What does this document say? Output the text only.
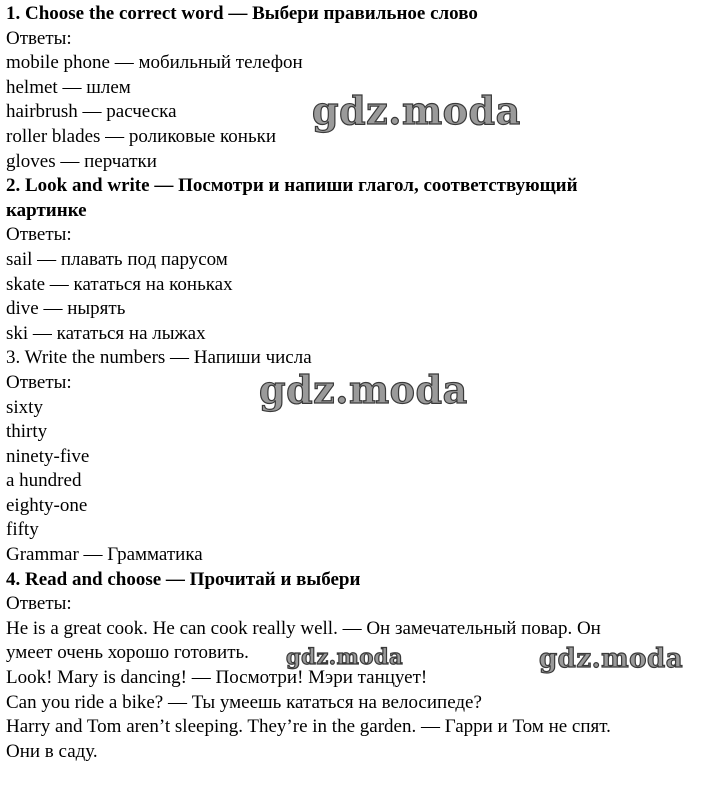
1. Choose the correct word — Выбери правильное слово
Ответы:
mobile phone — мобильный телефон
helmet — шлем
hairbrush — расческа
roller blades — роликовые коньки
gloves — перчатки
2. Look and write — Посмотри и напиши глагол, соответствующий
картинке
Ответы:
sail — плавать под парусом
skate — кататься на коньках
dive — нырять
ski — кататься на лыжах
3. Write the numbers — Напиши числа
Ответы:
sixty
thirty
ninety-five
a hundred
eighty-one
fifty
Grammar — Грамматика
4. Read and choose — Прочитай и выбери
Ответы:
He is a great cook. He can cook really well. — Он замечательный повар. Он
умеет очень хорошо готовить.
Look! Mary is dancing! — Посмотри! Мэри танцует!
Can you ride a bike? — Ты умеешь кататься на велосипеде?
Harry and Tom aren’t sleeping. They’re in the garden. — Гарри и Том не спят.
Они в саду.
gdz.moda
gdz.moda
gdz.moda	gdz.moda
